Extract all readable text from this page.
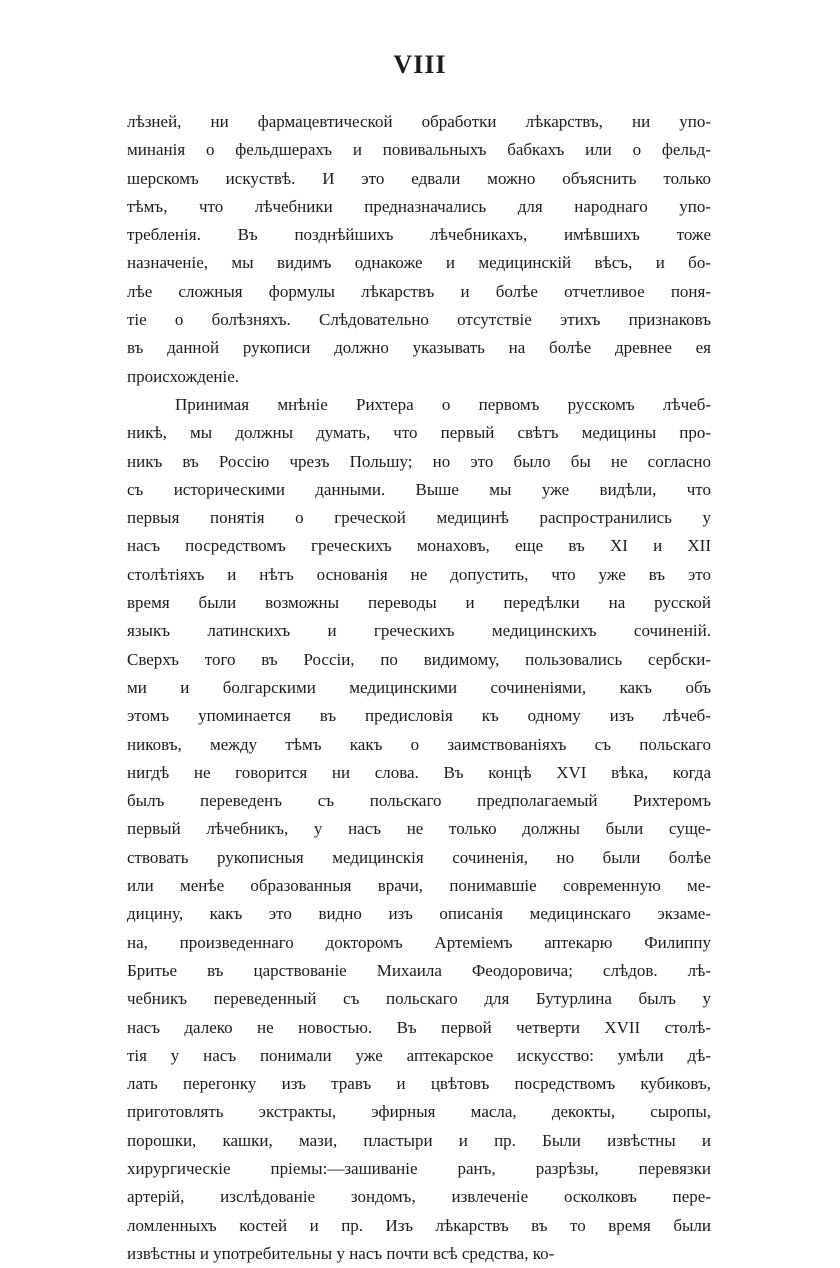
VIII
лѣзней, ни фармацевтической обработки лѣкарствъ, ни упо-
минанія о фельдшерахъ и повивальныхъ бабкахъ или о фельд-
шерскомъ искуствѣ. И это едвали можно объяснить только
тѣмъ, что лѣчебники предназначались для народнаго упо-
требленія. Въ позднѣйшихъ лѣчебникахъ, имѣвшихъ тоже
назначеніе, мы видимъ однакоже и медицинскій вѣсъ, и бо-
лѣе сложныя формулы лѣкарствъ и болѣе отчетливое поня-
тіе о болѣзняхъ. Слѣдовательно отсутствіе этихъ признаковъ
въ данной рукописи должно указывать на болѣе древнее ея
происхожденіе.
Принимая мнѣніе Рихтера о первомъ русскомъ лѣчеб-
никѣ, мы должны думать, что первый свѣтъ медицины про-
никъ въ Россію чрезъ Польшу; но это было бы не согласно
съ историческими данными. Выше мы уже видѣли, что
первыя понятія о греческой медицинѣ распространились у
насъ посредствомъ греческихъ монаховъ, еще въ XI и XII
столѣтіяхъ и нѣтъ основанія не допустить, что уже въ это
время были возможны переводы и передѣлки на русской
языкъ латинскихъ и греческихъ медицинскихъ сочиненій.
Сверхъ того въ Россіи, по видимому, пользовались сербски-
ми и болгарскими медицинскими сочиненіями, какъ объ
этомъ упоминается въ предисловія къ одному изъ лѣчеб-
никовъ, между тѣмъ какъ о заимствованіяхъ съ польскаго
нигдѣ не говорится ни слова. Въ концѣ XVI вѣка, когда
былъ переведенъ съ польскаго предполагаемый Рихтеромъ
первый лѣчебникъ, у насъ не только должны были суще-
ствовать рукописныя медицинскія сочиненія, но были болѣе
или менѣе образованныя врачи, понимавшіе современную ме-
дицину, какъ это видно изъ описанія медицинскаго экзаме-
на, произведеннаго докторомъ Артеміемъ аптекарю Филиппу
Бритье въ царствованіе Михаила Феодоровича; слѣдов. лѣ-
чебникъ переведенный съ польскаго для Бутурлина былъ у
насъ далеко не новостью. Въ первой четверти XVII столѣ-
тія у насъ понимали уже аптекарское искусство: умѣли дѣ-
лать перегонку изъ травъ и цвѣтовъ посредствомъ кубиковъ,
приготовлять экстракты, эфирныя масла, декокты, сыропы,
порошки, кашки, мази, пластыри и пр. Были извѣстны и
хирургическіе пріемы:—зашиваніе ранъ, разрѣзы, перевязки
артерій, изслѣдованіе зондомъ, извлеченіе осколковъ пере-
ломленныхъ костей и пр. Изъ лѣкарствъ въ то время были
извѣстны и употребительны у насъ почти всѣ средства, ко-
